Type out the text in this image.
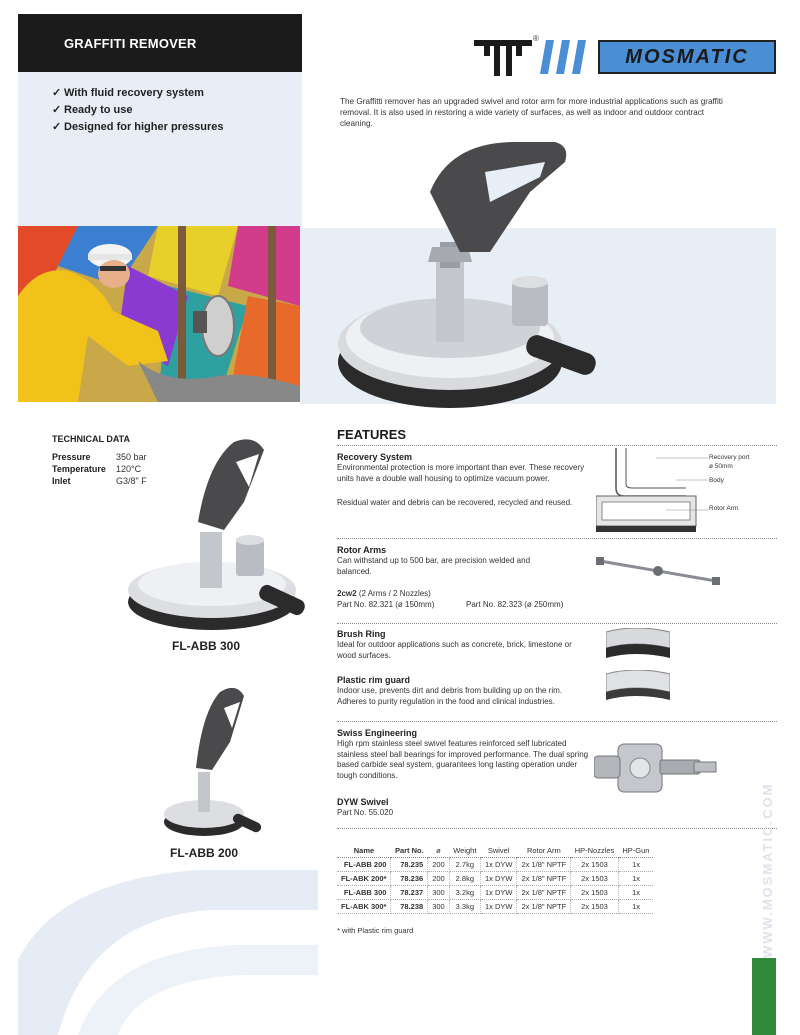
GRAFFITI REMOVER
✓ With fluid recovery system
✓ Ready to use
✓ Designed for higher pressures
®
MOSMATIC
The Graffitti remover has an upgraded swivel and rotor arm for more industrial applications such as graffiti removal. It is also used in restoring a wide variety of surfaces, as well as indoor and outdoor contract cleaning.
TECHNICAL DATA
Pressure	350 bar
Temperature 120°C
Inlet	G3/8" F
FL-ABB 300
FL-ABB 200
FEATURES
Recovery System
Environmental protection is more important than ever. These recovery units have a double wall housing to optimize vacuum power.
Residual water and debris can be recovered, recycled and reused.
Recovery port
ø 50mm
Body
Rotor Arm
Rotor Arms
Can withstand up to 500 bar, are precision welded and balanced.
2cw2 (2 Arms / 2 Nozzles)
Part No. 82.321 (ø 150mm)	Part No. 82.323 (ø 250mm)
Brush Ring
Ideal for outdoor applications such as concrete, brick, limestone or wood surfaces.
Plastic rim guard
Indoor use, prevents dirt and debris from building up on the rim. Adheres to purity regulation in the food and clinical industries.
Swiss Engineering
High rpm stainless steel swivel features reinforced self lubricated stainless steel ball bearings for improved performance. The dual spring based carbide seal system, guarantees long lasting operation under tough conditions.
DYW Swivel
Part No. 55.020
Name	Part No.	ø	Weight	Swivel	Rotor Arm	HP-Nozzles	HP-Gun
FL-ABB 200	78.235	200	2.7kg	1x DYW	2x 1/8" NPTF	2x 1503	1x
FL-ABK 200*	78.236	200	2.8kg	1x DYW	2x 1/8" NPTF	2x 1503	1x
FL-ABB 300	78.237	300	3.2kg	1x DYW	2x 1/8" NPTF	2x 1503	1x
FL-ABK 300*	78.238	300	3.3kg	1x DYW	2x 1/8" NPTF	2x 1503	1x
* with Plastic rim guard	WWW.MOSMATIC.COM
